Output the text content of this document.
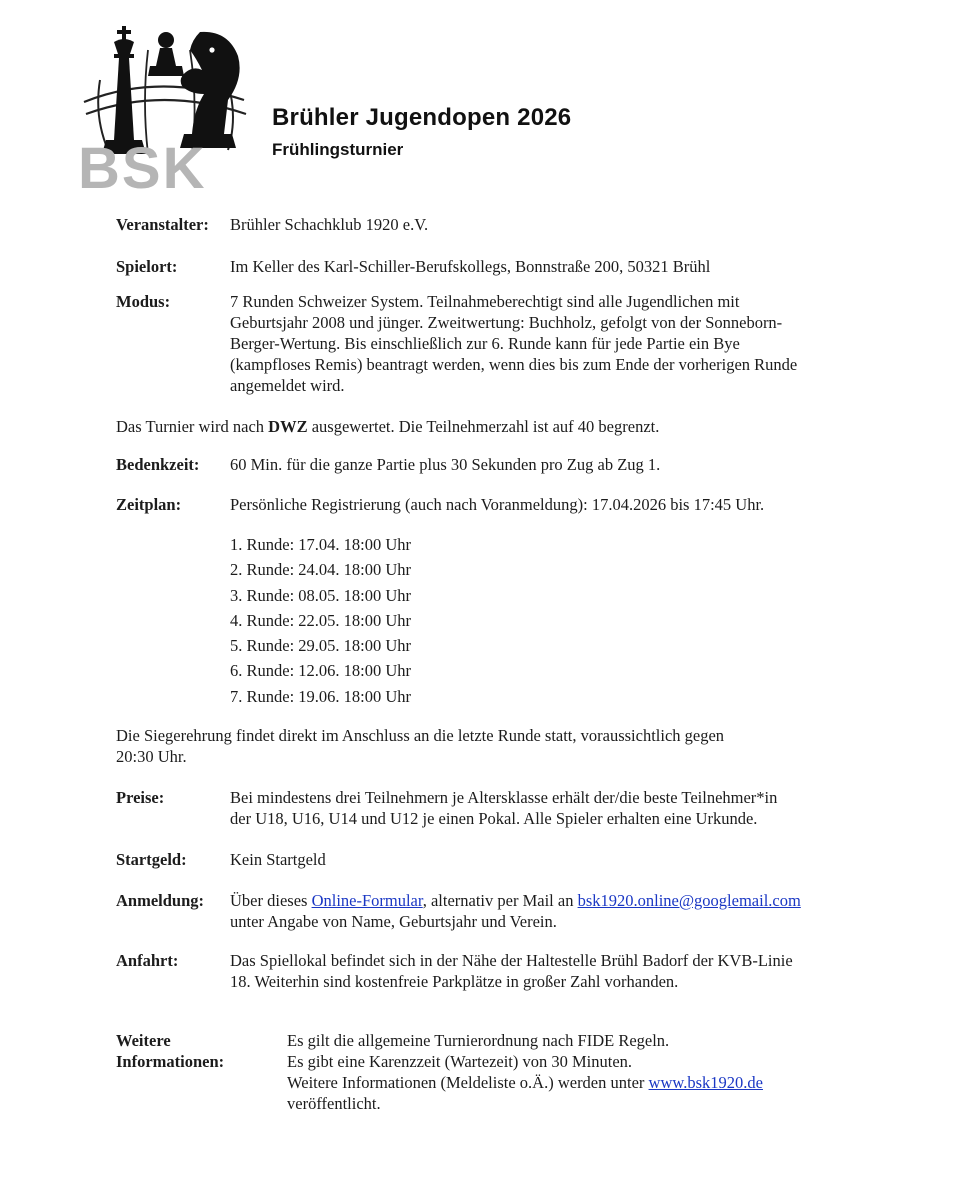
BSK
Brühler Jugendopen 2026
Frühlingsturnier
Veranstalter:	Brühler Schachklub 1920 e.V.
Spielort:	Im Keller des Karl-Schiller-Berufskollegs, Bonnstraße 200, 50321 Brühl
Modus:	7 Runden Schweizer System. Teilnahmeberechtigt sind alle Jugendlichen mit
Geburtsjahr 2008 und jünger. Zweitwertung: Buchholz, gefolgt von der Sonneborn-
Berger-Wertung. Bis einschließlich zur 6. Runde kann für jede Partie ein Bye
(kampfloses Remis) beantragt werden, wenn dies bis zum Ende der vorherigen Runde
angemeldet wird.
Das Turnier wird nach DWZ ausgewertet. Die Teilnehmerzahl ist auf 40 begrenzt.
Bedenkzeit:	60 Min. für die ganze Partie plus 30 Sekunden pro Zug ab Zug 1.
Zeitplan:	Persönliche Registrierung (auch nach Voranmeldung): 17.04.2026 bis 17:45 Uhr.
1. Runde: 17.04. 18:00 Uhr
2. Runde: 24.04. 18:00 Uhr
3. Runde: 08.05. 18:00 Uhr
4. Runde: 22.05. 18:00 Uhr
5. Runde: 29.05. 18:00 Uhr
6. Runde: 12.06. 18:00 Uhr
7. Runde: 19.06. 18:00 Uhr
Die Siegerehrung findet direkt im Anschluss an die letzte Runde statt, voraussichtlich gegen
20:30 Uhr.
Preise:	Bei mindestens drei Teilnehmern je Altersklasse erhält der/die beste Teilnehmer*in
der U18, U16, U14 und U12 je einen Pokal. Alle Spieler erhalten eine Urkunde.
Startgeld:	Kein Startgeld
Anmeldung:	Über dieses Online-Formular, alternativ per Mail an bsk1920.online@googlemail.com
unter Angabe von Name, Geburtsjahr und Verein.
Anfahrt:	Das Spiellokal befindet sich in der Nähe der Haltestelle Brühl Badorf der KVB-Linie
18. Weiterhin sind kostenfreie Parkplätze in großer Zahl vorhanden.
Weitere
Informationen:
Es gilt die allgemeine Turnierordnung nach FIDE Regeln.
Es gibt eine Karenzzeit (Wartezeit) von 30 Minuten.
Weitere Informationen (Meldeliste o.Ä.) werden unter www.bsk1920.de
veröffentlicht.
